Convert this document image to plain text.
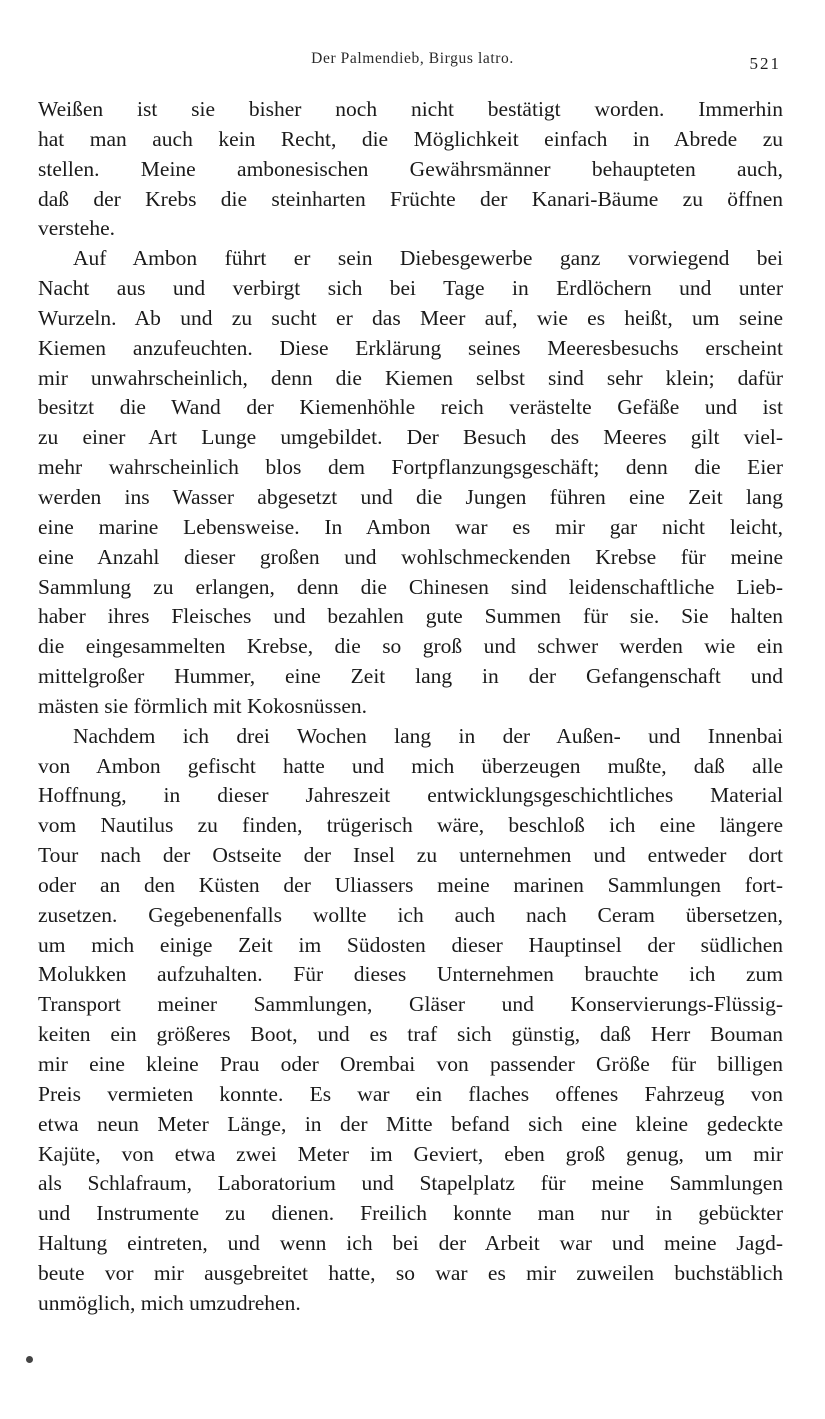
Der Palmendieb, Birgus latro.	521
Weißen ist sie bisher noch nicht bestätigt worden. Immerhin
hat man auch kein Recht, die Möglichkeit einfach in Abrede zu
stellen. Meine ambonesischen Gewährsmänner behaupteten auch,
daß der Krebs die steinharten Früchte der Kanari-Bäume zu öffnen
verstehe.
Auf Ambon führt er sein Diebesgewerbe ganz vorwiegend bei
Nacht aus und verbirgt sich bei Tage in Erdlöchern und unter
Wurzeln. Ab und zu sucht er das Meer auf, wie es heißt, um seine
Kiemen anzufeuchten. Diese Erklärung seines Meeresbesuchs erscheint
mir unwahrscheinlich, denn die Kiemen selbst sind sehr klein; dafür
besitzt die Wand der Kiemenhöhle reich verästelte Gefäße und ist
zu einer Art Lunge umgebildet. Der Besuch des Meeres gilt viel-
mehr wahrscheinlich blos dem Fortpflanzungsgeschäft; denn die Eier
werden ins Wasser abgesetzt und die Jungen führen eine Zeit lang
eine marine Lebensweise. In Ambon war es mir gar nicht leicht,
eine Anzahl dieser großen und wohlschmeckenden Krebse für meine
Sammlung zu erlangen, denn die Chinesen sind leidenschaftliche Lieb-
haber ihres Fleisches und bezahlen gute Summen für sie. Sie halten
die eingesammelten Krebse, die so groß und schwer werden wie ein
mittelgroßer Hummer, eine Zeit lang in der Gefangenschaft und
mästen sie förmlich mit Kokosnüssen.
Nachdem ich drei Wochen lang in der Außen- und Innenbai
von Ambon gefischt hatte und mich überzeugen mußte, daß alle
Hoffnung, in dieser Jahreszeit entwicklungsgeschichtliches Material
vom Nautilus zu finden, trügerisch wäre, beschloß ich eine längere
Tour nach der Ostseite der Insel zu unternehmen und entweder dort
oder an den Küsten der Uliassers meine marinen Sammlungen fort-
zusetzen. Gegebenenfalls wollte ich auch nach Ceram übersetzen,
um mich einige Zeit im Südosten dieser Hauptinsel der südlichen
Molukken aufzuhalten. Für dieses Unternehmen brauchte ich zum
Transport meiner Sammlungen, Gläser und Konservierungs-Flüssig-
keiten ein größeres Boot, und es traf sich günstig, daß Herr Bouman
mir eine kleine Prau oder Orembai von passender Größe für billigen
Preis vermieten konnte. Es war ein flaches offenes Fahrzeug von
etwa neun Meter Länge, in der Mitte befand sich eine kleine gedeckte
Kajüte, von etwa zwei Meter im Geviert, eben groß genug, um mir
als Schlafraum, Laboratorium und Stapelplatz für meine Sammlungen
und Instrumente zu dienen. Freilich konnte man nur in gebückter
Haltung eintreten, und wenn ich bei der Arbeit war und meine Jagd-
beute vor mir ausgebreitet hatte, so war es mir zuweilen buchstäblich
unmöglich, mich umzudrehen.
